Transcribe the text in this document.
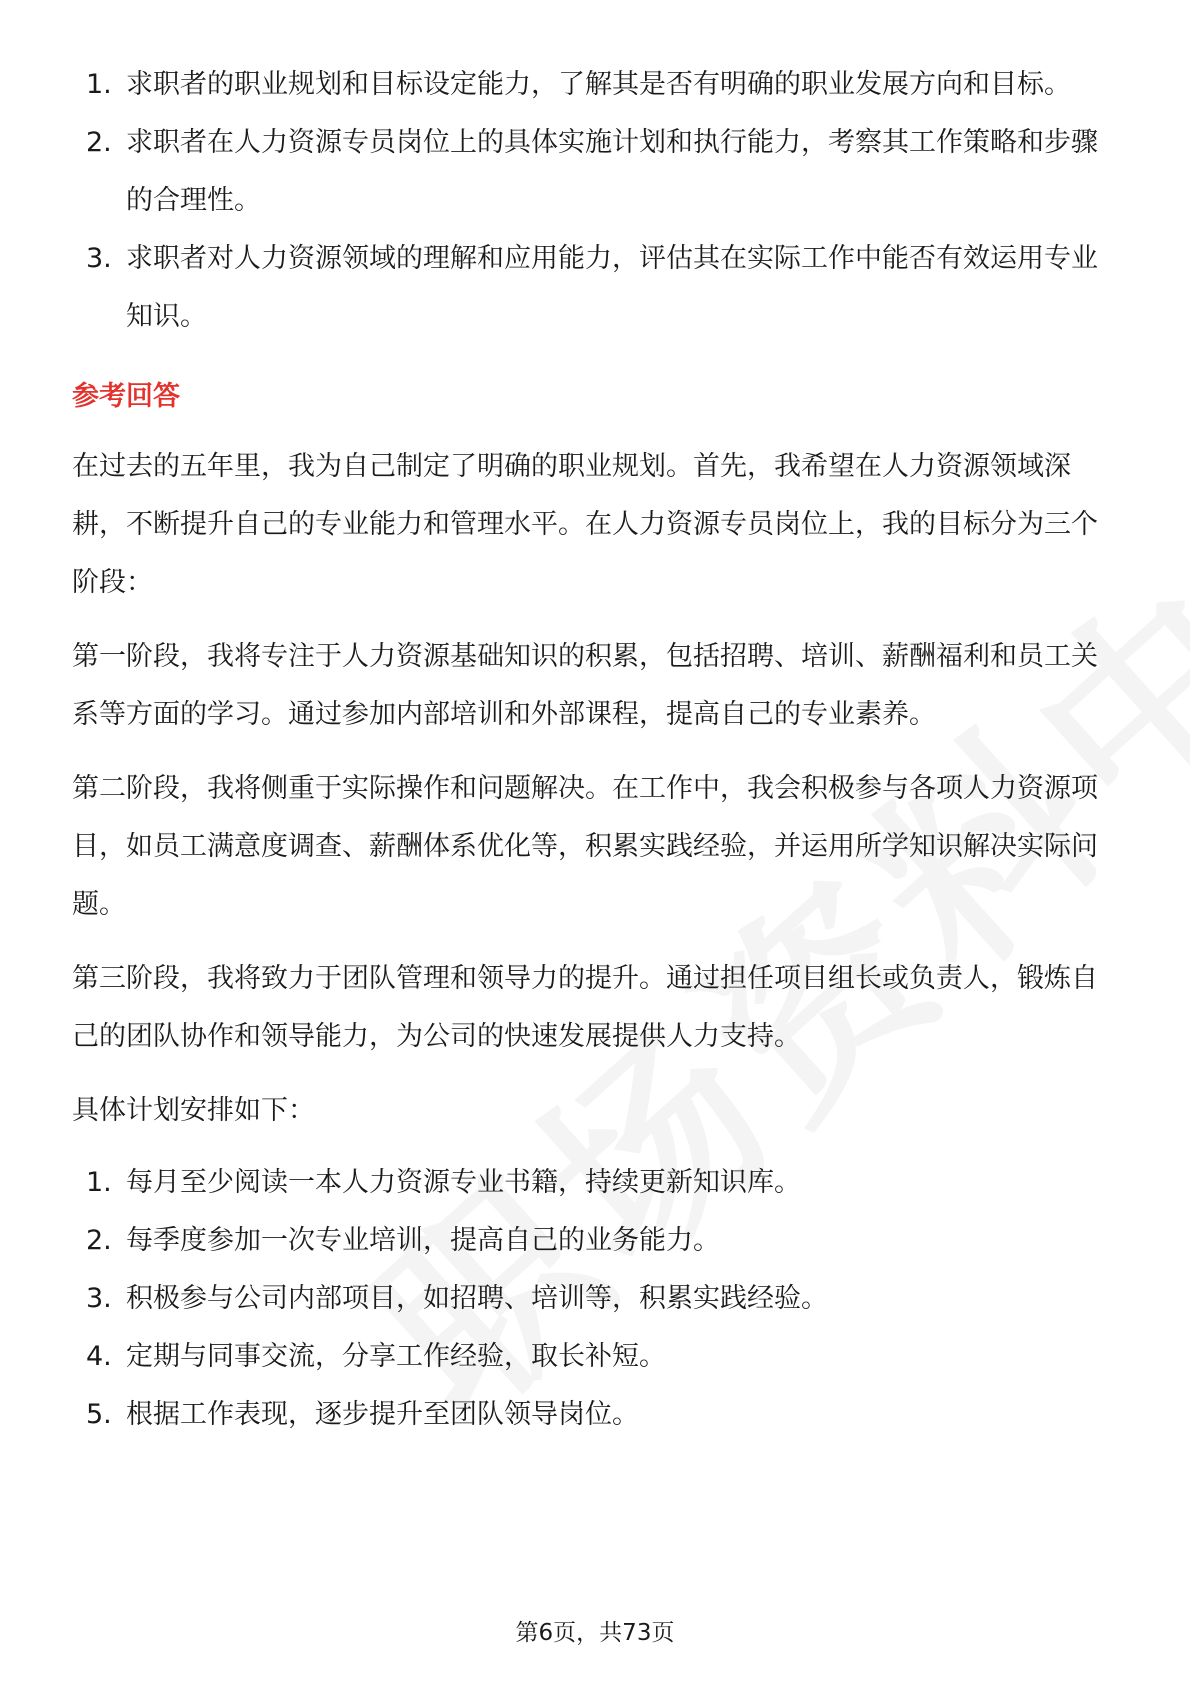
1. 求职者的职业规划和目标设定能力，了解其是否有明确的职业发展方向和目标。
2. 求职者在人力资源专员岗位上的具体实施计划和执行能力，考察其工作策略和步骤的合理性。
3. 求职者对人力资源领域的理解和应用能力，评估其在实际工作中能否有效运用专业知识。
参考回答

在过去的五年里，我为自己制定了明确的职业规划。首先，我希望在人力资源领域深耕，不断提升自己的专业能力和管理水平。在人力资源专员岗位上，我的目标分为三个阶段：

第一阶段，我将专注于人力资源基础知识的积累，包括招聘、培训、薪酬福利和员工关系等方面的学习。通过参加内部培训和外部课程，提高自己的专业素养。

第二阶段，我将侧重于实际操作和问题解决。在工作中，我会积极参与各项人力资源项目，如员工满意度调查、薪酬体系优化等，积累实践经验，并运用所学知识解决实际问题。

第三阶段，我将致力于团队管理和领导力的提升。通过担任项目组长或负责人，锻炼自己的团队协作和领导能力，为公司的快速发展提供人力支持。

具体计划安排如下：

1. 每月至少阅读一本人力资源专业书籍，持续更新知识库。
2. 每季度参加一次专业培训，提高自己的业务能力。
3. 积极参与公司内部项目，如招聘、培训等，积累实践经验。
4. 定期与同事交流，分享工作经验，取长补短。
5. 根据工作表现，逐步提升至团队领导岗位。
第6页，共73页
